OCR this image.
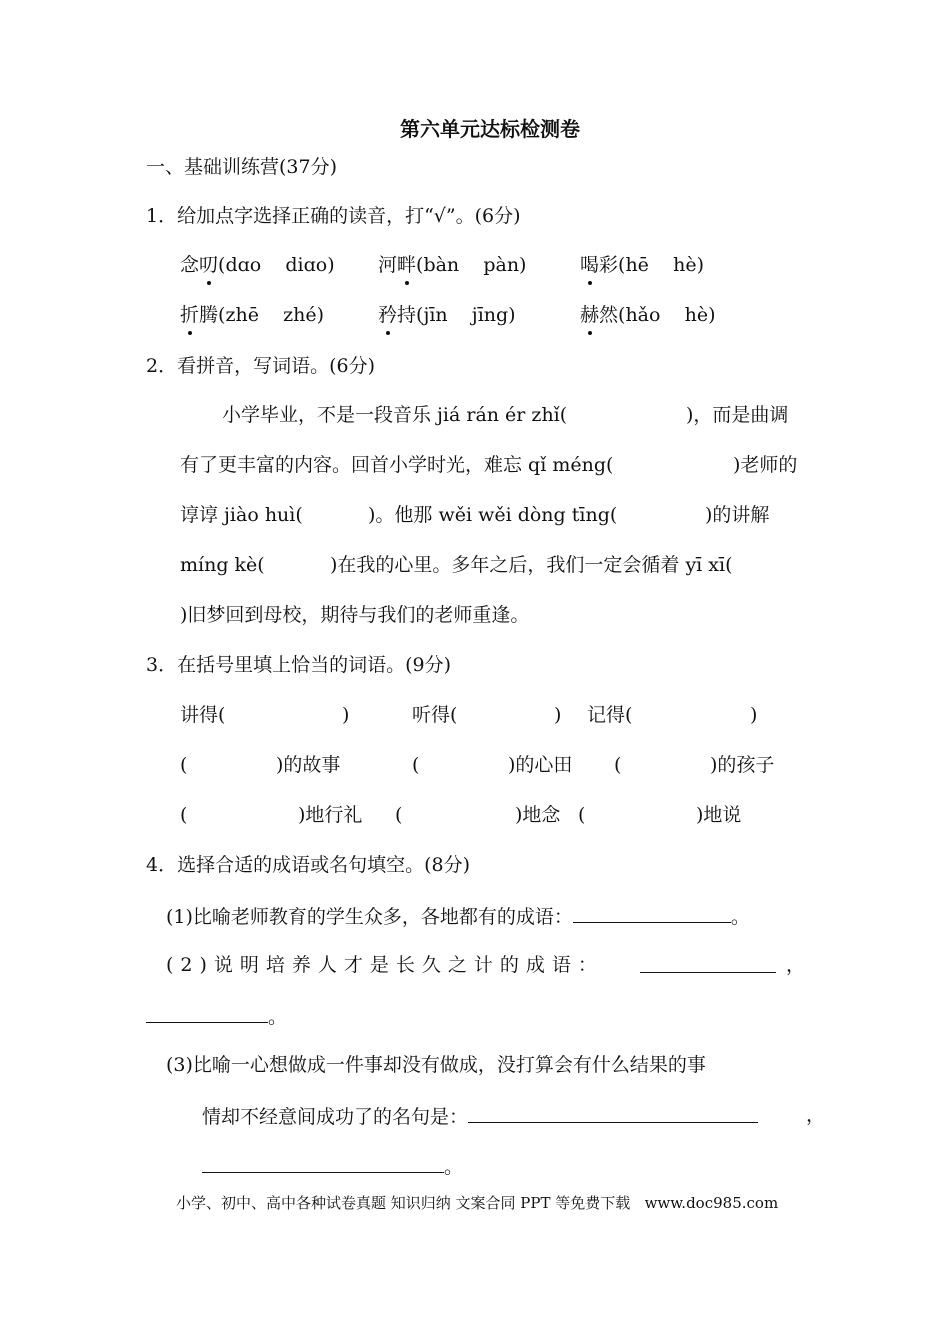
第六单元达标检测卷
一、基础训练营(37分)
1．给加点字选择正确的读音，打“√”。(6分)
念叨(dɑo    diɑo) 河畔(bàn    pàn)	喝彩(hē    hè)
折腾(zhē    zhé)	矜持(jīn    jīng)	赫然(hǎo    hè)
2．看拼音，写词语。(6分)
小学毕业，不是一段音乐 jiá rán ér zhǐ(	)，而是曲调
有了更丰富的内容。回首小学时光，难忘 qǐ méng(	)老师的
谆谆 jiào huì(	)。他那 wěi wěi dòng tīng(	)的讲解
míng kè(	)在我的心里。多年之后，我们一定会循着 yī xī(
)旧梦回到母校，期待与我们的老师重逢。
3．在括号里填上恰当的词语。(9分)
讲得(	)	听得(	) 记得(	)
(	)的故事	(	)的心田 (	)的孩子
(	)地行礼 (	)地念 (	)地说
4．选择合适的成语或名句填空。(8分)
(1)比喻老师教育的学生众多，各地都有的成语：	。
(2)说明培养人才是长久之计的成语：	，
。
(3)比喻一心想做成一件事却没有做成，没打算会有什么结果的事
情却不经意间成功了的名句是：	，
。
小学、初中、高中各种试卷真题 知识归纳 文案合同 PPT 等免费下载   www.doc985.com
